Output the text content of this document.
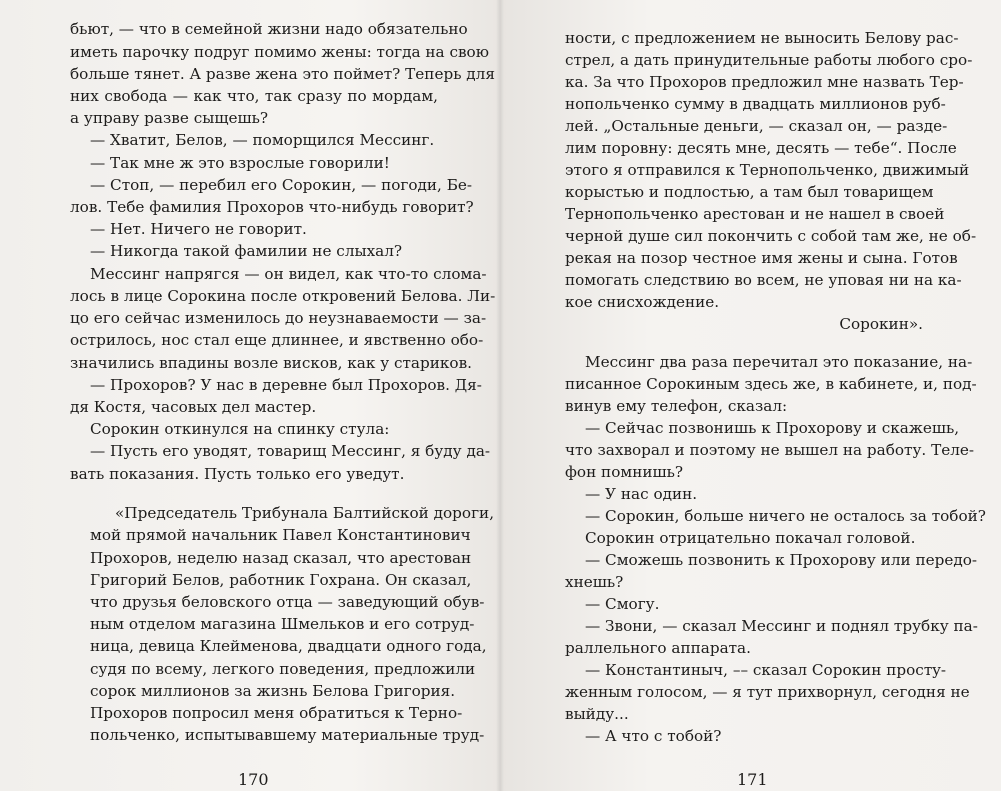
бьют, — что в семейной жизни надо обязательно
иметь парочку подруг помимо жены: тогда на свою
больше тянет. А разве жена это поймет? Теперь для
них свобода — как что, так сразу по мордам,
а управу разве сыщешь?
— Хватит, Белов, — поморщился Мессинг.
— Так мне ж это взрослые говорили!
— Стоп, — перебил его Сорокин, — погоди, Бе-
лов. Тебе фамилия Прохоров что-нибудь говорит?
— Нет. Ничего не говорит.
— Никогда такой фамилии не слыхал?
Мессинг напрягся — он видел, как что-то слома-
лось в лице Сорокина после откровений Белова. Ли-
цо его сейчас изменилось до неузнаваемости — за-
острилось, нос стал еще длиннее, и явственно обо-
значились впадины возле висков, как у стариков.
— Прохоров? У нас в деревне был Прохоров. Дя-
дя Костя, часовых дел мастер.
Сорокин откинулся на спинку стула:
— Пусть его уводят, товарищ Мессинг, я буду да-
вать показания. Пусть только его уведут.
«Председатель Трибунала Балтийской дороги,
мой прямой начальник Павел Константинович
Прохоров, неделю назад сказал, что арестован
Григорий Белов, работник Гохрана. Он сказал,
что друзья беловского отца — заведующий обув-
ным отделом магазина Шмельков и его сотруд-
ница, девица Клейменова, двадцати одного года,
судя по всему, легкого поведения, предложили
сорок миллионов за жизнь Белова Григория.
Прохоров попросил меня обратиться к Терно-
польченко, испытывавшему материальные труд-
170
ности, с предложением не выносить Белову рас-
стрел, а дать принудительные работы любого сро-
ка. За что Прохоров предложил мне назвать Тер-
нопольченко сумму в двадцать миллионов руб-
лей. „Остальные деньги, — сказал он, — разде-
лим поровну: десять мне, десять — тебе“. После
этого я отправился к Тернопольченко, движимый
корыстью и подлостью, а там был товарищем
Тернопольченко арестован и не нашел в своей
черной душе сил покончить с собой там же, не об-
рекая на позор честное имя жены и сына. Готов
помогать следствию во всем, не уповая ни на ка-
кое снисхождение.
Сорокин».
Мессинг два раза перечитал это показание, на-
писанное Сорокиным здесь же, в кабинете, и, под-
винув ему телефон, сказал:
— Сейчас позвонишь к Прохорову и скажешь,
что захворал и поэтому не вышел на работу. Теле-
фон помнишь?
— У нас один.
— Сорокин, больше ничего не осталось за тобой?
Сорокин отрицательно покачал головой.
— Сможешь позвонить к Прохорову или передо-
хнешь?
— Смогу.
— Звони, — сказал Мессинг и поднял трубку па-
раллельного аппарата.
— Константиныч, –– сказал Сорокин простy-
женным голосом, — я тут прихворнул, сегодня не
выйду...
— А что с тобой?
171
